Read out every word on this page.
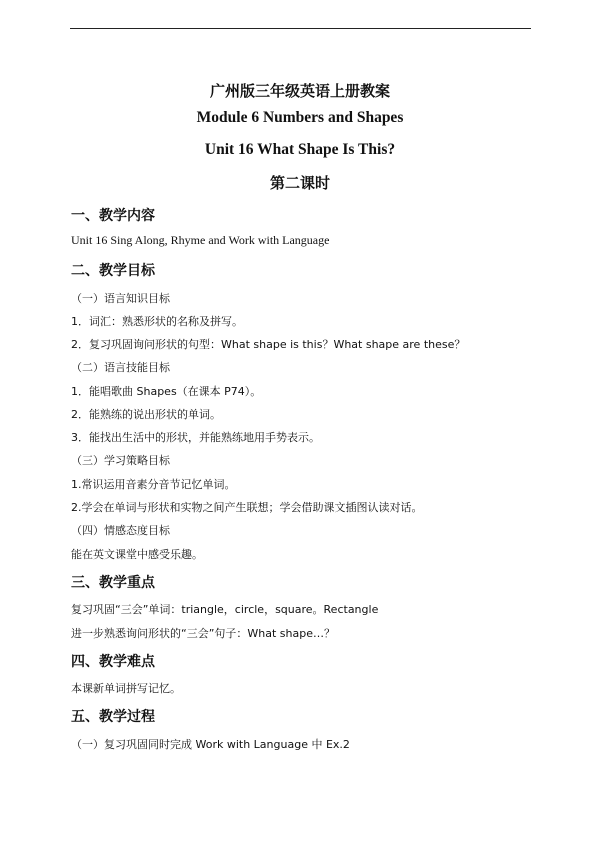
广州版三年级英语上册教案
Module 6 Numbers and Shapes
Unit 16 What Shape Is This?
第二课时
一、教学内容
Unit 16 Sing Along, Rhyme and Work with Language
二、教学目标
（一）语言知识目标
1．词汇：熟悉形状的名称及拼写。
2．复习巩固询问形状的句型：What shape is this？What shape are these？
（二）语言技能目标
1．能唱歌曲 Shapes（在课本 P74）。
2．能熟练的说出形状的单词。
3．能找出生活中的形状，并能熟练地用手势表示。
（三）学习策略目标
1.常识运用音素分音节记忆单词。
2.学会在单词与形状和实物之间产生联想；学会借助课文插图认读对话。
（四）情感态度目标
能在英文课堂中感受乐趣。
三、教学重点
复习巩固“三会”单词：triangle，circle，square。Rectangle
进一步熟悉询问形状的“三会”句子：What shape…？
四、教学难点
本课新单词拼写记忆。
五、教学过程
（一）复习巩固同时完成 Work with Language 中 Ex.2
